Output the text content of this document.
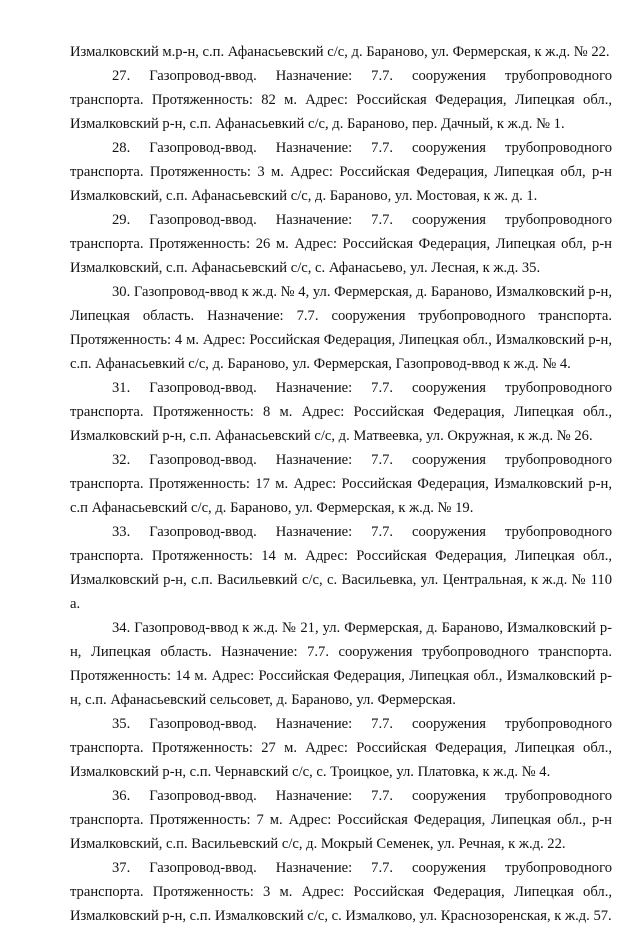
Измалковский м.р-н, с.п. Афанасьевский с/с, д. Бараново, ул. Фермерская, к ж.д. № 22.

27. Газопровод-ввод. Назначение: 7.7. сооружения трубопроводного транспорта. Протяженность: 82 м. Адрес: Российская Федерация, Липецкая обл., Измалковский р-н, с.п. Афанасьевкий с/с, д. Бараново, пер. Дачный, к ж.д. № 1.

28. Газопровод-ввод. Назначение: 7.7. сооружения трубопроводного транспорта. Протяженность: 3 м. Адрес: Российская Федерация, Липецкая обл, р-н Измалковский, с.п. Афанасьевский с/с, д. Бараново, ул. Мостовая, к ж. д. 1.

29. Газопровод-ввод. Назначение: 7.7. сооружения трубопроводного транспорта. Протяженность: 26 м. Адрес: Российская Федерация, Липецкая обл, р-н Измалковский, с.п. Афанасьевский с/с, с. Афанасьево, ул. Лесная, к ж.д. 35.

30. Газопровод-ввод к ж.д. № 4, ул. Фермерская, д. Бараново, Измалковский р-н, Липецкая область. Назначение: 7.7. сооружения трубопроводного транспорта. Протяженность: 4 м. Адрес: Российская Федерация, Липецкая обл., Измалковский р-н, с.п. Афанасьевкий с/с, д. Бараново, ул. Фермерская, Газопровод-ввод к ж.д. № 4.

31. Газопровод-ввод. Назначение: 7.7. сооружения трубопроводного транспорта. Протяженность: 8 м. Адрес: Российская Федерация, Липецкая обл., Измалковский р-н, с.п. Афанасьевский с/с, д. Матвеевка, ул. Окружная, к ж.д. № 26.

32. Газопровод-ввод. Назначение: 7.7. сооружения трубопроводного транспорта. Протяженность: 17 м. Адрес: Российская Федерация, Измалковский р-н, с.п Афанасьевский с/с, д. Бараново, ул. Фермерская, к ж.д. № 19.

33. Газопровод-ввод. Назначение: 7.7. сооружения трубопроводного транспорта. Протяженность: 14 м. Адрес: Российская Федерация, Липецкая обл., Измалковский р-н, с.п. Васильевкий с/с, с. Васильевка, ул. Центральная, к ж.д. № 110 а.

34. Газопровод-ввод к ж.д. № 21, ул. Фермерская, д. Бараново, Измалковский р-н, Липецкая область. Назначение: 7.7. сооружения трубопроводного транспорта. Протяженность: 14 м. Адрес: Российская Федерация, Липецкая обл., Измалковский р-н, с.п. Афанасьевский сельсовет, д. Бараново, ул. Фермерская.

35. Газопровод-ввод. Назначение: 7.7. сооружения трубопроводного транспорта. Протяженность: 27 м. Адрес: Российская Федерация, Липецкая обл., Измалковский р-н, с.п. Чернавский с/с, с. Троицкое, ул. Платовка, к ж.д. № 4.

36. Газопровод-ввод. Назначение: 7.7. сооружения трубопроводного транспорта. Протяженность: 7 м. Адрес: Российская Федерация, Липецкая обл., р-н Измалковский, с.п. Васильевский с/с, д. Мокрый Семенек, ул. Речная, к ж.д. 22.

37. Газопровод-ввод. Назначение: 7.7. сооружения трубопроводного транспорта. Протяженность: 3 м. Адрес: Российская Федерация, Липецкая обл., Измалковский р-н, с.п. Измалковский с/с, с. Измалково, ул. Краснозоренская, к ж.д. 57.
